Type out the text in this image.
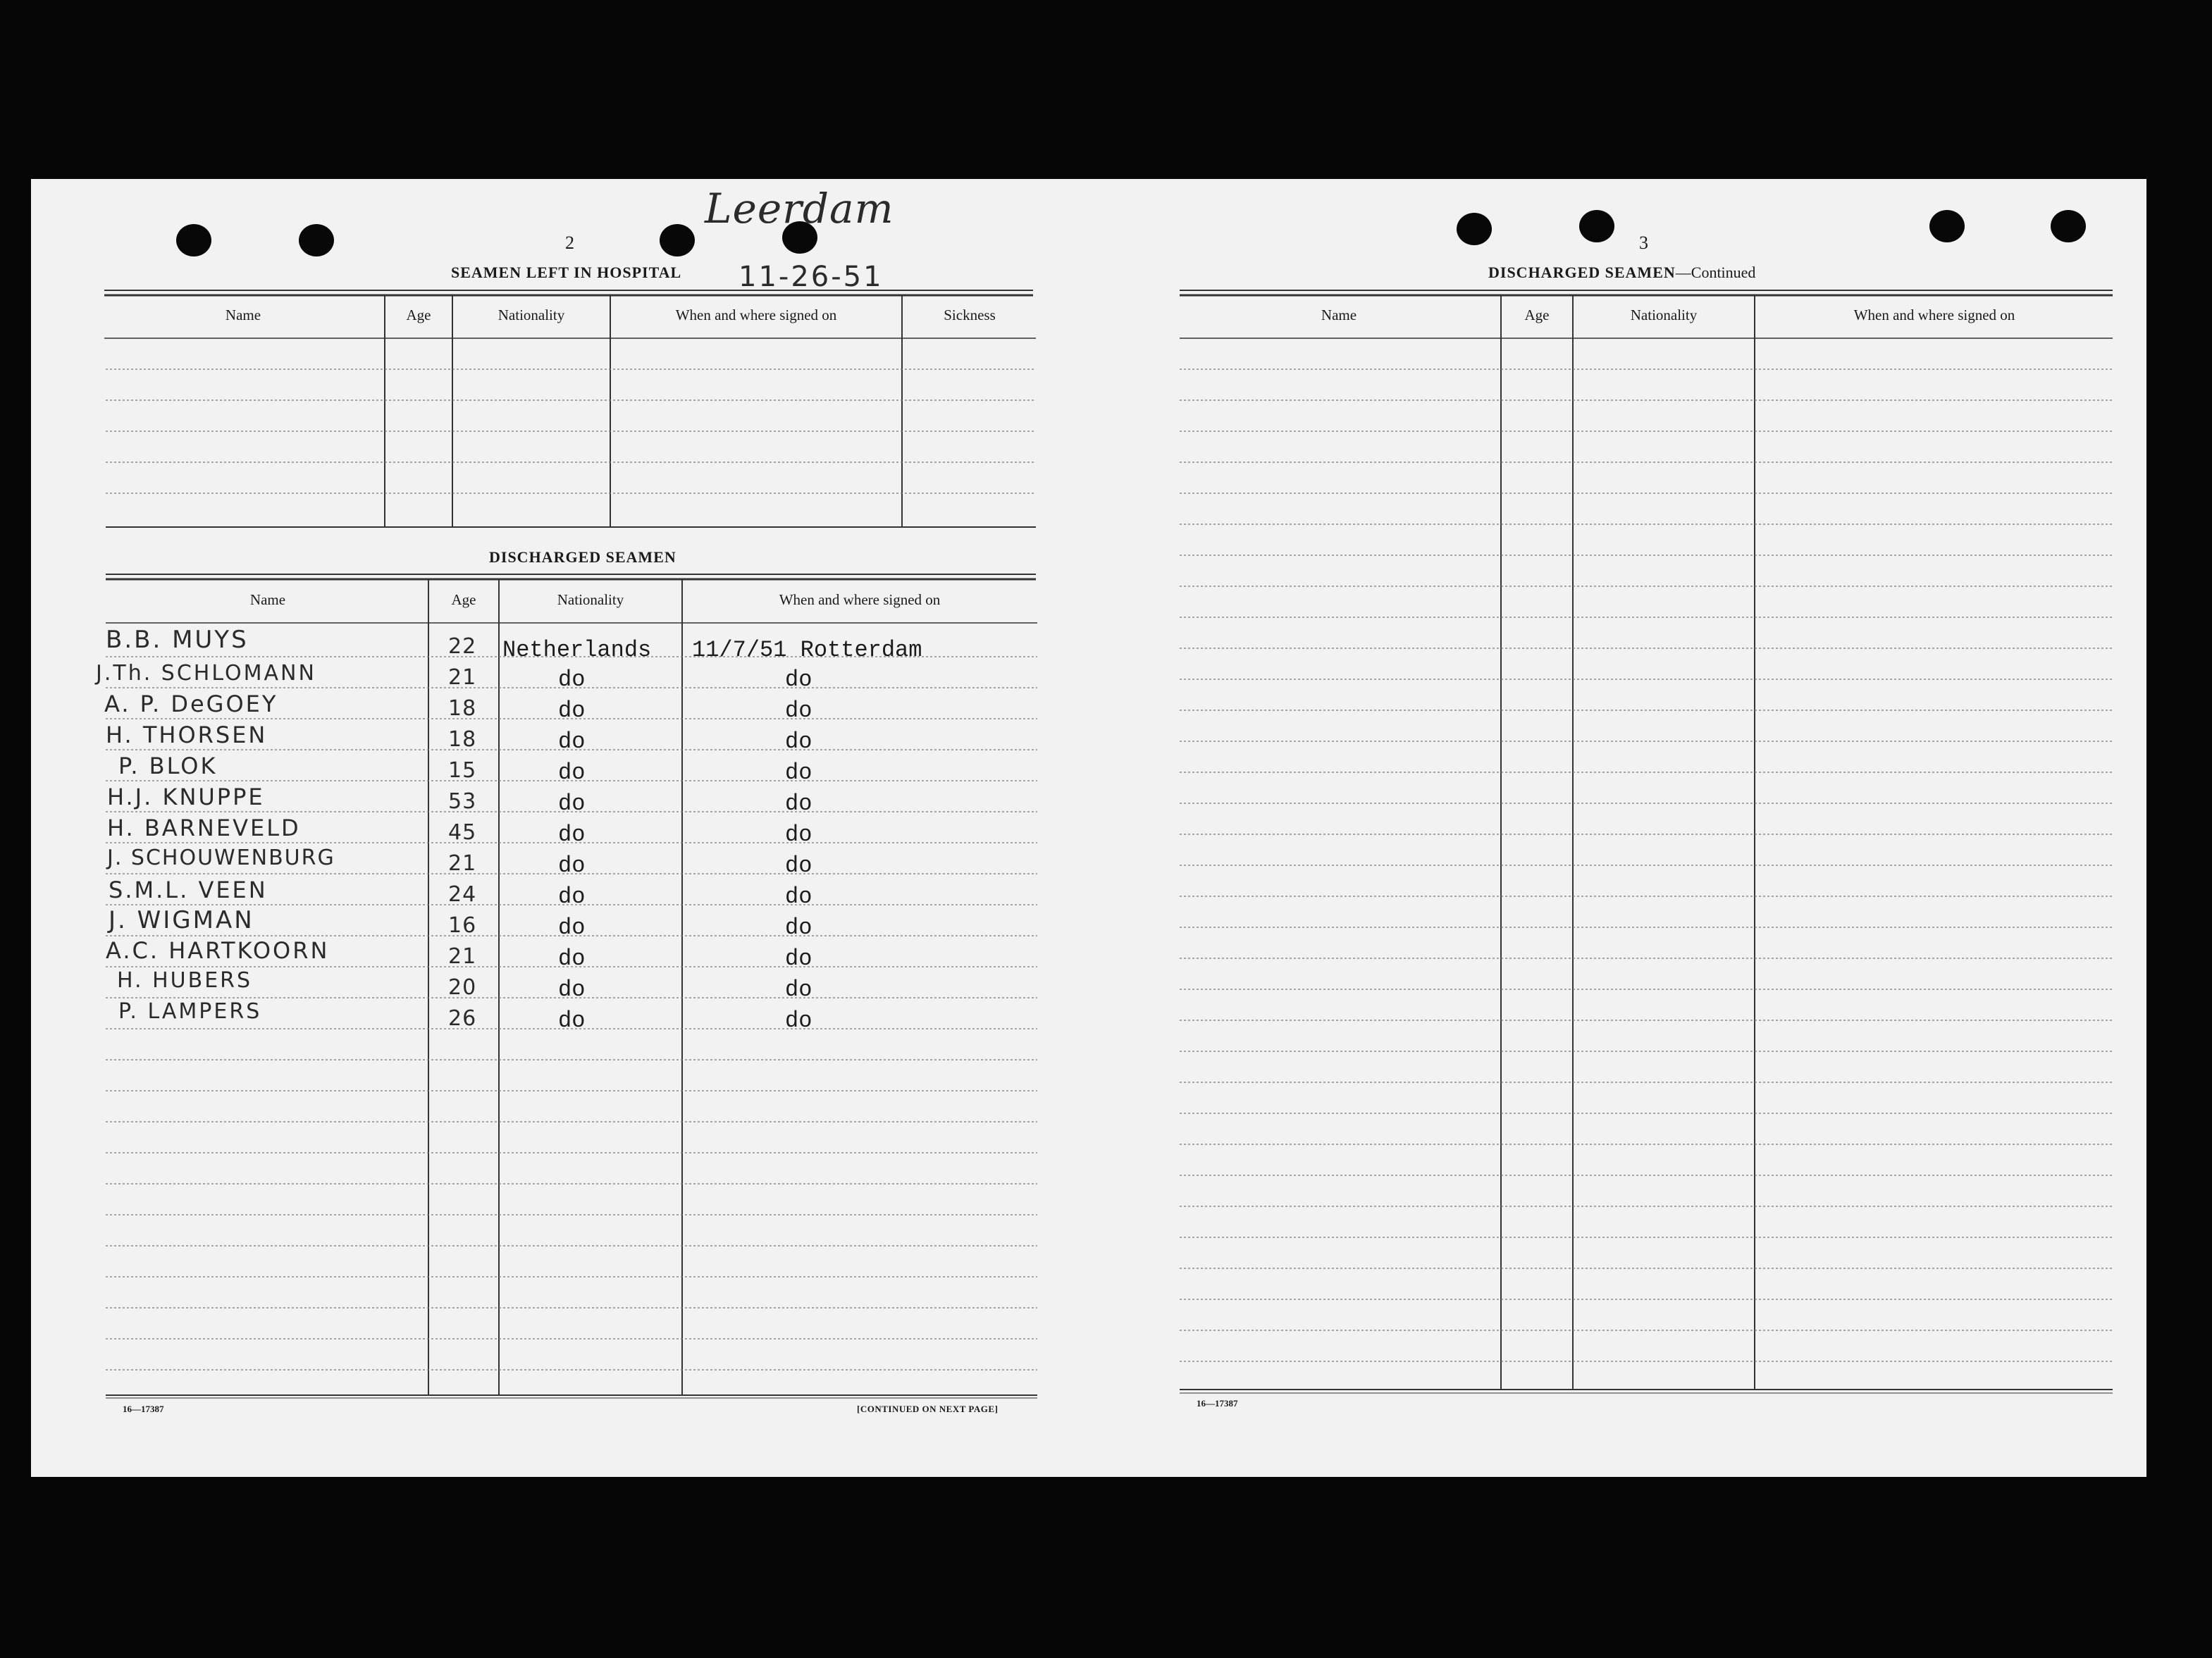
Name	Age	Nationality	When and where signed on	Sickness
Name	Age	Nationality	When and where signed on
Name	Age	Nationality	When and where signed on
2
Leerdam
SEAMEN LEFT IN HOSPITAL 11-26-51
DISCHARGED SEAMEN
B.B. MUYS	22 Netherlands 11/7/51 Rotterdam
J.Th. SCHLOMANN	21	do	do
A. P. DeGOEY	18	do	do
H. THORSEN	18	do	do
P. BLOK	15	do	do
H.J. KNUPPE	53	do	do
H. BARNEVELD	45	do	do
J. SCHOUWENBURG	21	do	do
S.M.L. VEEN	24	do	do
J. WIGMAN	16	do	do
A.C. HARTKOORN	21	do	do
H. HUBERS	20	do	do
P. LAMPERS	26	do	do
16—17387	[CONTINUED ON NEXT PAGE]
3
DISCHARGED SEAMEN—Continued
16—17387
